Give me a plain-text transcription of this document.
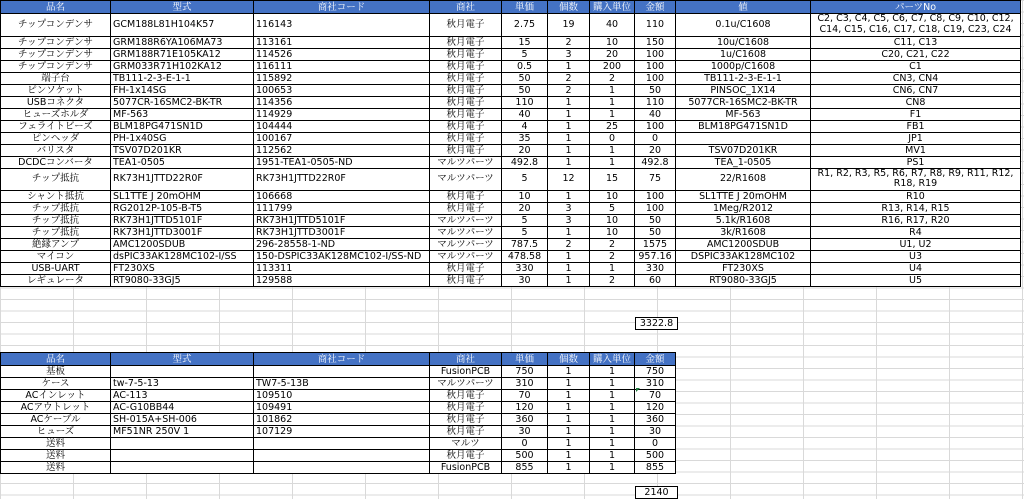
品名	型式	商社コード	商社	単価	個数	購入単位	金額	値	パーツNo
チップコンデンサ	GCM188L81H104K57	116143	秋月電子	2.75	19	40	110	0.1u/C1608	C2, C3, C4, C5, C6, C7, C8, C9, C10, C12, C14, C15, C16, C17, C18, C19, C23, C24
チップコンデンサ	GRM188R6YA106MA73	113161	秋月電子	15	2	10	150	10u/C1608	C11, C13
チップコンデンサ	GRM188R71E105KA12	114526	秋月電子	5	3	20	100	1u/C1608	C20, C21, C22
チップコンデンサ	GRM033R71H102KA12	116111	秋月電子	0.5	1	200	100	1000p/C1608	C1
端子台	TB111-2-3-E-1-1	115892	秋月電子	50	2	2	100	TB111-2-3-E-1-1	CN3, CN4
ピンソケット	FH-1x14SG	100653	秋月電子	50	2	1	50	PINSOC_1X14	CN6, CN7
USBコネクタ	5077CR-16SMC2-BK-TR	114356	秋月電子	110	1	1	110	5077CR-16SMC2-BK-TR	CN8
ヒューズホルダ	MF-563	114929	秋月電子	40	1	1	40	MF-563	F1
フェライトビーズ	BLM18PG471SN1D	104444	秋月電子	4	1	25	100	BLM18PG471SN1D	FB1
ピンヘッダ	PH-1x40SG	100167	秋月電子	35	1	0	0		JP1
バリスタ	TSV07D201KR	112562	秋月電子	20	1	1	20	TSV07D201KR	MV1
DCDCコンバータ	TEA1-0505	1951-TEA1-0505-ND	マルツパーツ	492.8	1	1	492.8	TEA_1-0505	PS1
チップ抵抗	RK73H1JTTD22R0F	RK73H1JTTD22R0F	マルツパーツ	5	12	15	75	22/R1608	R1, R2, R3, R5, R6, R7, R8, R9, R11, R12, R18, R19
シャント抵抗	SL1TTE J 20mOHM	106668	秋月電子	10	1	10	100	SL1TTE J 20mOHM	R10
チップ抵抗	RG2012P-105-B-T5	111799	秋月電子	20	3	5	100	1Meg/R2012	R13, R14, R15
チップ抵抗	RK73H1JTTD5101F	RK73H1JTTD5101F	マルツパーツ	5	3	10	50	5.1k/R1608	R16, R17, R20
チップ抵抗	RK73H1JTTD3001F	RK73H1JTTD3001F	マルツパーツ	5	1	10	50	3k/R1608	R4
絶縁アンプ	AMC1200SDUB	296-28558-1-ND	マルツパーツ	787.5	2	2	1575	AMC1200SDUB	U1, U2
マイコン	dsPIC33AK128MC102-I/SS	150-DSPIC33AK128MC102-I/SS-ND	マルツパーツ	478.58	1	2	957.16	DSPIC33AK128MC102	U3
USB-UART	FT230XS	113311	秋月電子	330	1	1	330	FT230XS	U4
レギュレータ	RT9080-33GJ5	129588	秋月電子	30	1	2	60	RT9080-33GJ5	U5
3322.8
品名	型式	商社コード	商社	単価	個数	購入単位	金額
基板			FusionPCB	750	1	1	750
ケース	tw-7-5-13	TW7-5-13B	マルツパーツ	310	1	1	310
ACインレット	AC-113	109510	秋月電子	70	1	1	70
ACアウトレット	AC-G10BB44	109491	秋月電子	120	1	1	120
ACケーブル	SH-015A+SH-006	101862	秋月電子	360	1	1	360
ヒューズ	MF51NR 250V 1	107129	秋月電子	30	1	1	30
送料			マルツ	0	1	1	0
送料			秋月電子	500	1	1	500
送料			FusionPCB	855	1	1	855
2140
